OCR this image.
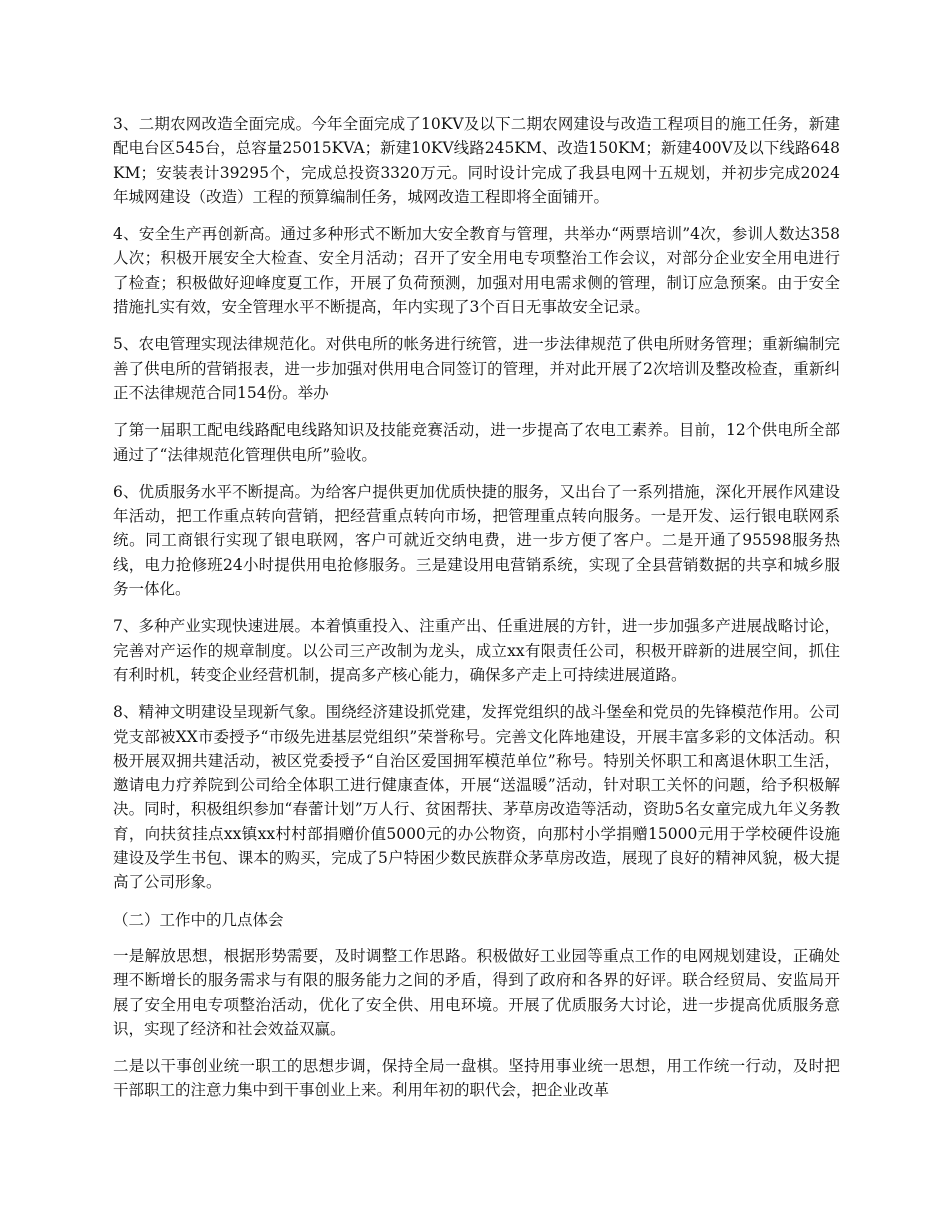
3、二期农网改造全面完成。今年全面完成了10KV及以下二期农网建设与改造工程项目的施工任务，新建配电台区545台，总容量25015KVA；新建10KV线路245KM、改造150KM；新建400V及以下线路648KM；安装表计39295个，完成总投资3320万元。同时设计完成了我县电网十五规划，并初步完成2024年城网建设（改造）工程的预算编制任务，城网改造工程即将全面铺开。

4、安全生产再创新高。通过多种形式不断加大安全教育与管理，共举办“两票培训”4次，参训人数达358人次；积极开展安全大检查、安全月活动；召开了安全用电专项整治工作会议，对部分企业安全用电进行了检查；积极做好迎峰度夏工作，开展了负荷预测，加强对用电需求侧的管理，制订应急预案。由于安全措施扎实有效，安全管理水平不断提高，年内实现了3个百日无事故安全记录。

5、农电管理实现法律规范化。对供电所的帐务进行统管，进一步法律规范了供电所财务管理；重新编制完善了供电所的营销报表，进一步加强对供用电合同签订的管理，并对此开展了2次培训及整改检查，重新纠正不法律规范合同154份。举办

了第一届职工配电线路配电线路知识及技能竞赛活动，进一步提高了农电工素养。目前，12个供电所全部通过了“法律规范化管理供电所”验收。

6、优质服务水平不断提高。为给客户提供更加优质快捷的服务，又出台了一系列措施，深化开展作风建设年活动，把工作重点转向营销，把经营重点转向市场，把管理重点转向服务。一是开发、运行银电联网系统。同工商银行实现了银电联网，客户可就近交纳电费，进一步方便了客户。二是开通了95598服务热线，电力抢修班24小时提供用电抢修服务。三是建设用电营销系统，实现了全县营销数据的共享和城乡服务一体化。

7、多种产业实现快速进展。本着慎重投入、注重产出、任重进展的方针，进一步加强多产进展战略讨论，完善对产运作的规章制度。以公司三产改制为龙头，成立xx有限责任公司，积极开辟新的进展空间，抓住有利时机，转变企业经营机制，提高多产核心能力，确保多产走上可持续进展道路。

8、精神文明建设呈现新气象。围绕经济建设抓党建，发挥党组织的战斗堡垒和党员的先锋模范作用。公司党支部被XX市委授予“市级先进基层党组织”荣誉称号。完善文化阵地建设，开展丰富多彩的文体活动。积极开展双拥共建活动，被区党委授予“自治区爱国拥军模范单位”称号。特别关怀职工和离退休职工生活，邀请电力疗养院到公司给全体职工进行健康查体，开展“送温暖”活动，针对职工关怀的问题，给予积极解决。同时，积极组织参加“春蕾计划”万人行、贫困帮扶、茅草房改造等活动，资助5名女童完成九年义务教育，向扶贫挂点xx镇xx村村部捐赠价值5000元的办公物资，向那村小学捐赠15000元用于学校硬件设施建设及学生书包、课本的购买，完成了5户特困少数民族群众茅草房改造，展现了良好的精神风貌，极大提高了公司形象。

（二）工作中的几点体会

一是解放思想，根据形势需要，及时调整工作思路。积极做好工业园等重点工作的电网规划建设，正确处理不断增长的服务需求与有限的服务能力之间的矛盾，得到了政府和各界的好评。联合经贸局、安监局开展了安全用电专项整治活动，优化了安全供、用电环境。开展了优质服务大讨论，进一步提高优质服务意识，实现了经济和社会效益双赢。

二是以干事创业统一职工的思想步调，保持全局一盘棋。坚持用事业统一思想，用工作统一行动，及时把干部职工的注意力集中到干事创业上来。利用年初的职代会，把企业改革
